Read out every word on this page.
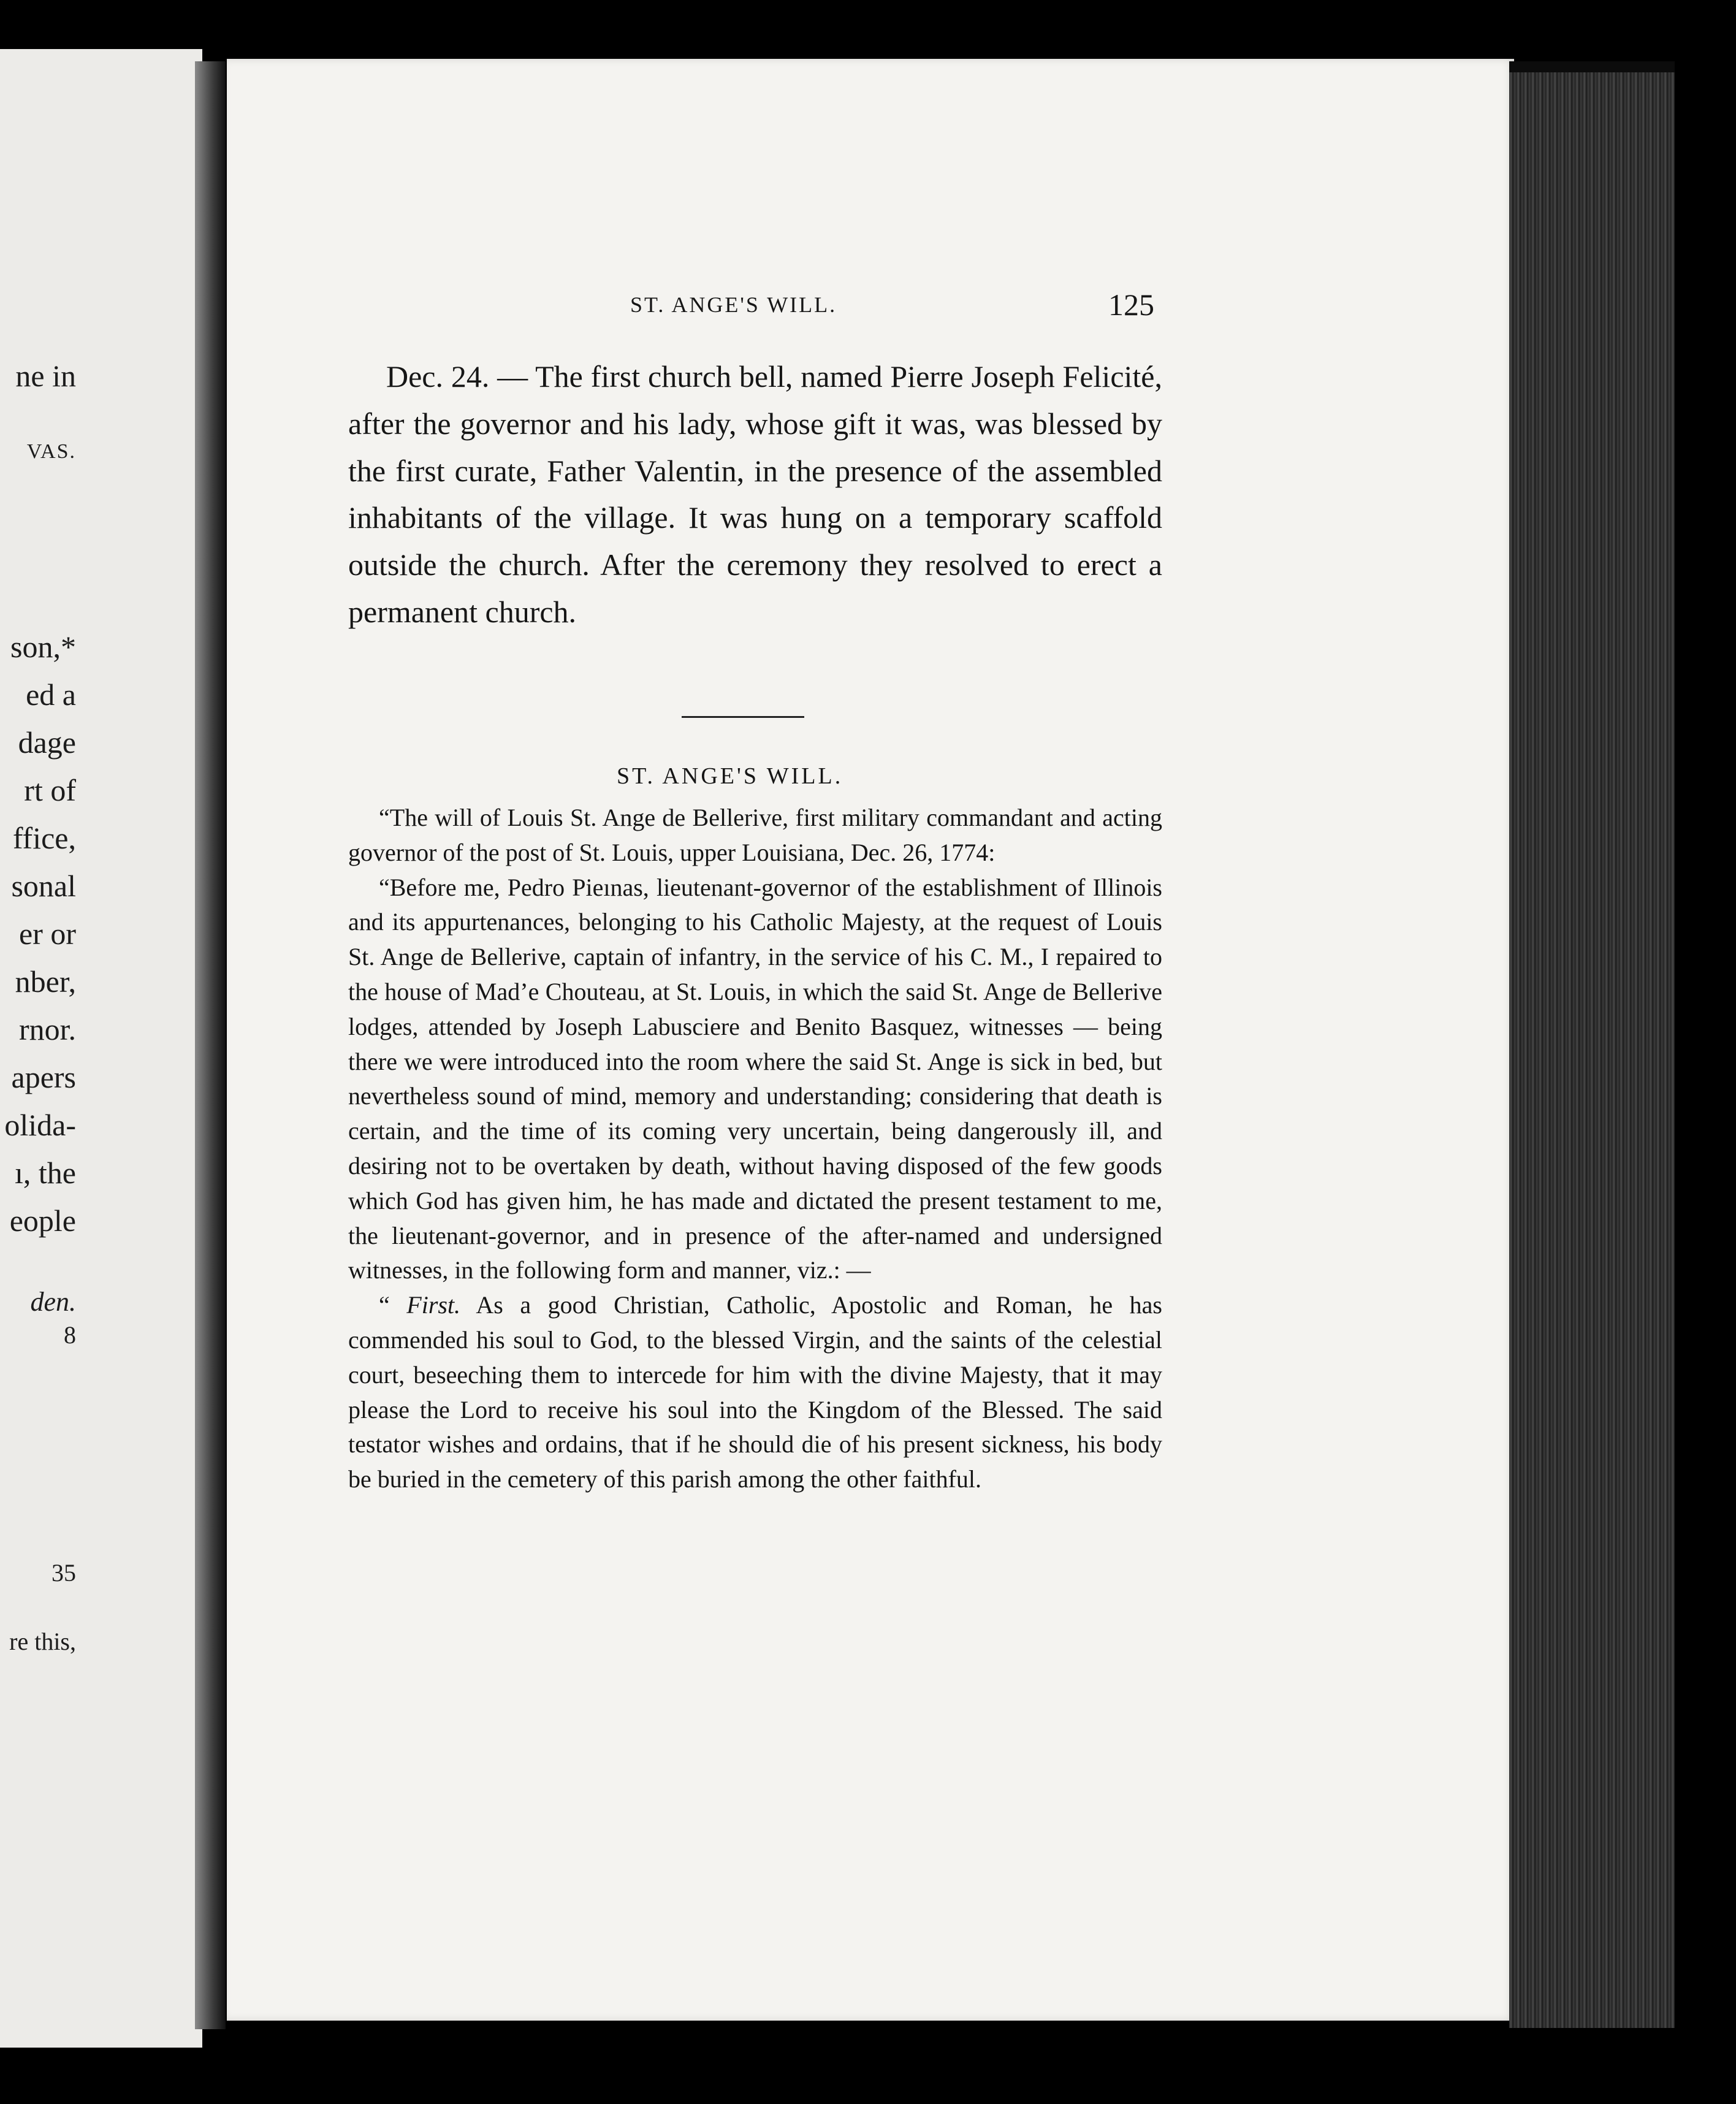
ne in
VAS.
son,*
ed a
dage
rt of
ffice,
sonal
er or
nber,
rnor.
apers
olida-
ı, the
eople
den.
8
35
re this,
ST. ANGE'S WILL.	125

Dec. 24. — The first church bell, named Pierre Joseph Felicité, after the governor and his lady, whose gift it was, was blessed by the first curate, Father Valentin, in the presence of the assembled inhabitants of the village. It was hung on a temporary scaffold outside the church. After the ceremony they resolved to erect a permanent church.

ST. ANGE'S WILL.

“The will of Louis St. Ange de Bellerive, first military commandant and acting governor of the post of St. Louis, upper Louisiana, Dec. 26, 1774:

“Before me, Pedro Pieınas, lieutenant-governor of the establishment of Illinois and its appurtenances, belonging to his Catholic Majesty, at the request of Louis St. Ange de Bellerive, captain of infantry, in the service of his C. M., I repaired to the house of Mad’e Chouteau, at St. Louis, in which the said St. Ange de Bellerive lodges, attended by Joseph Labusciere and Benito Basquez, witnesses — being there we were introduced into the room where the said St. Ange is sick in bed, but nevertheless sound of mind, memory and understanding; considering that death is certain, and the time of its coming very uncertain, being dangerously ill, and desiring not to be overtaken by death, without having disposed of the few goods which God has given him, he has made and dictated the present testament to me, the lieutenant-governor, and in presence of the after-named and undersigned witnesses, in the following form and manner, viz.: —

“ First. As a good Christian, Catholic, Apostolic and Roman, he has commended his soul to God, to the blessed Virgin, and the saints of the celestial court, beseeching them to intercede for him with the divine Majesty, that it may please the Lord to receive his soul into the Kingdom of the Blessed. The said testator wishes and ordains, that if he should die of his present sickness, his body be buried in the cemetery of this parish among the other faithful.
